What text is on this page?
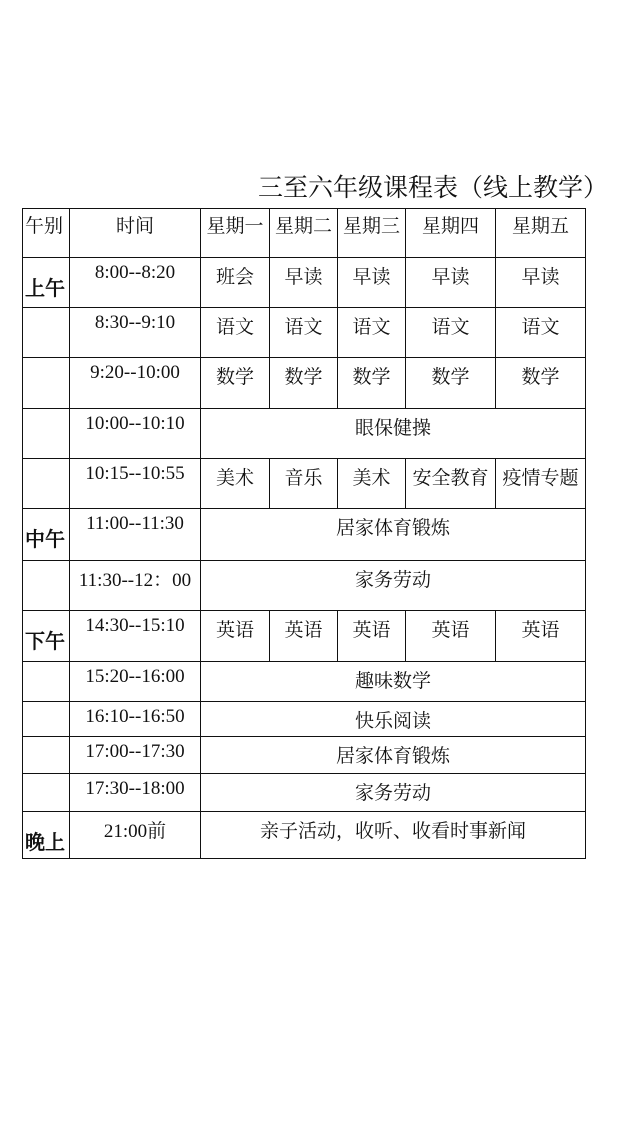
三至六年级课程表（线上教学）
午别	时间	星期一	星期二	星期三	星期四	星期五

上午	8:00--8:20	班会	早读	早读	早读	早读

	8:30--9:10	语文	语文	语文	语文	语文

	9:20--10:00	数学	数学	数学	数学	数学

	10:00--10:10	眼保健操				

	10:15--10:55	美术	音乐	美术	安全教育	疫情专题

中午	11:00--11:30	居家体育锻炼				

	11:30--12：00	家务劳动				

下午	14:30--15:10	英语	英语	英语	英语	英语

	15:20--16:00	趣味数学				

	16:10--16:50	快乐阅读				

	17:00--17:30	居家体育锻炼				

	17:30--18:00	家务劳动				

晚上	21:00前	亲子活动，收听、收看时事新闻				
